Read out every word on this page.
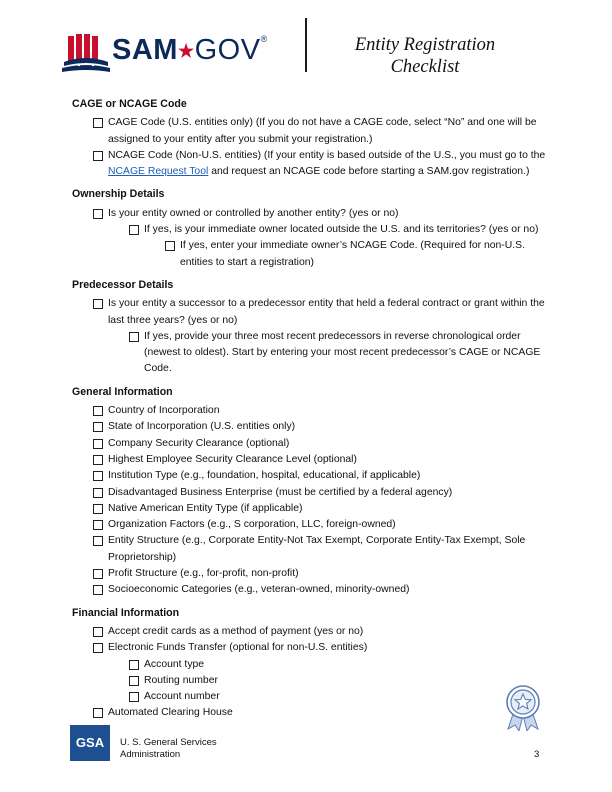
SAM★GOV®	Entity Registration
Checklist
CAGE or NCAGE Code
CAGE Code (U.S. entities only) (If you do not have a CAGE code, select “No” and one will be assigned to your entity after you submit your registration.)
NCAGE Code (Non-U.S. entities) (If your entity is based outside of the U.S., you must go to the NCAGE Request Tool and request an NCAGE code before starting a SAM.gov registration.)
Ownership Details
Is your entity owned or controlled by another entity? (yes or no)
If yes, is your immediate owner located outside the U.S. and its territories? (yes or no)
If yes, enter your immediate owner’s NCAGE Code. (Required for non-U.S. entities to start a registration)
Predecessor Details
Is your entity a successor to a predecessor entity that held a federal contract or grant within the last three years? (yes or no)
If yes, provide your three most recent predecessors in reverse chronological order (newest to oldest). Start by entering your most recent predecessor’s CAGE or NCAGE Code.
General Information
Country of Incorporation
State of Incorporation (U.S. entities only)
Company Security Clearance (optional)
Highest Employee Security Clearance Level (optional)
Institution Type (e.g., foundation, hospital, educational, if applicable)
Disadvantaged Business Enterprise (must be certified by a federal agency)
Native American Entity Type (if applicable)
Organization Factors (e.g., S corporation, LLC, foreign-owned)
Entity Structure (e.g., Corporate Entity-Not Tax Exempt, Corporate Entity-Tax Exempt, Sole Proprietorship)
Profit Structure (e.g., for-profit, non-profit)
Socioeconomic Categories (e.g., veteran-owned, minority-owned)
Financial Information
Accept credit cards as a method of payment (yes or no)
Electronic Funds Transfer (optional for non-U.S. entities)
Account type
Routing number
Account number
Automated Clearing House
GSA	U. S. General Services
Administration	3
